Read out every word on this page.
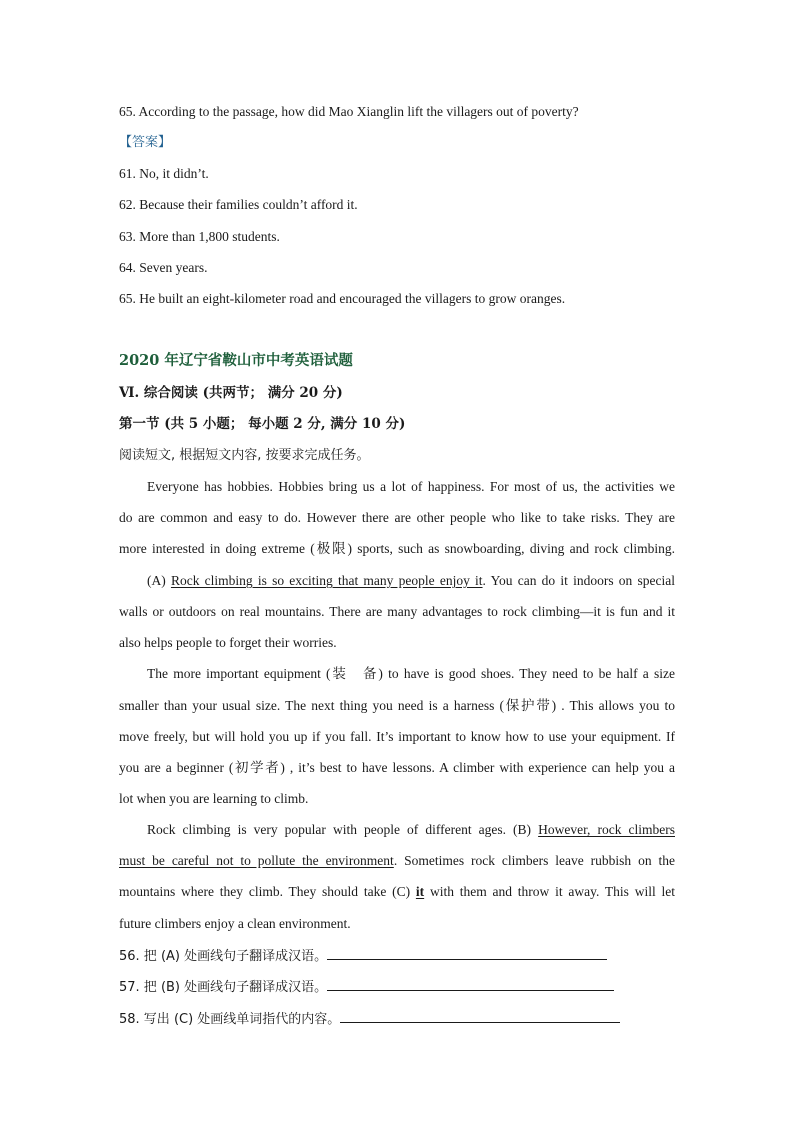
65. According to the passage, how did Mao Xianglin lift the villagers out of poverty?
【答案】
61. No, it didn’t.
62. Because their families couldn’t afford it.
63. More than 1,800 students.
64. Seven years.
65. He built an eight-kilometer road and encouraged the villagers to grow oranges.
2020 年辽宁省鞍山市中考英语试题
Ⅵ. 综合阅读 (共两节； 满分 20 分)
第一节 (共 5 小题； 每小题 2 分, 满分 10 分)
阅读短文, 根据短文内容, 按要求完成任务。
Everyone has hobbies. Hobbies bring us a lot of happiness. For most of us, the activities we
do are common and easy to do. However there are other people who like to take risks. They are
more interested in doing extreme (极限) sports, such as snowboarding, diving and rock climbing.
(A) Rock climbing is so exciting that many people enjoy it. You can do it indoors on special
walls or outdoors on real mountains. There are many advantages to rock climbing—it is fun and it
also helps people to forget their worries.
The more important equipment (装　备) to have is good shoes. They need to be half a size
smaller than your usual size. The next thing you need is a harness (保护带) . This allows you to
move freely, but will hold you up if you fall. It’s important to know how to use your equipment. If
you are a beginner (初学者) , it’s best to have lessons. A climber with experience can help you a
lot when you are learning to climb.
Rock climbing is very popular with people of different ages. (B) However, rock climbers
must be careful not to pollute the environment. Sometimes rock climbers leave rubbish on the
mountains where they climb. They should take (C) it with them and throw it away. This will let
future climbers enjoy a clean environment.
56. 把 (A) 处画线句子翻译成汉语。
57. 把 (B) 处画线句子翻译成汉语。
58. 写出 (C) 处画线单词指代的内容。
